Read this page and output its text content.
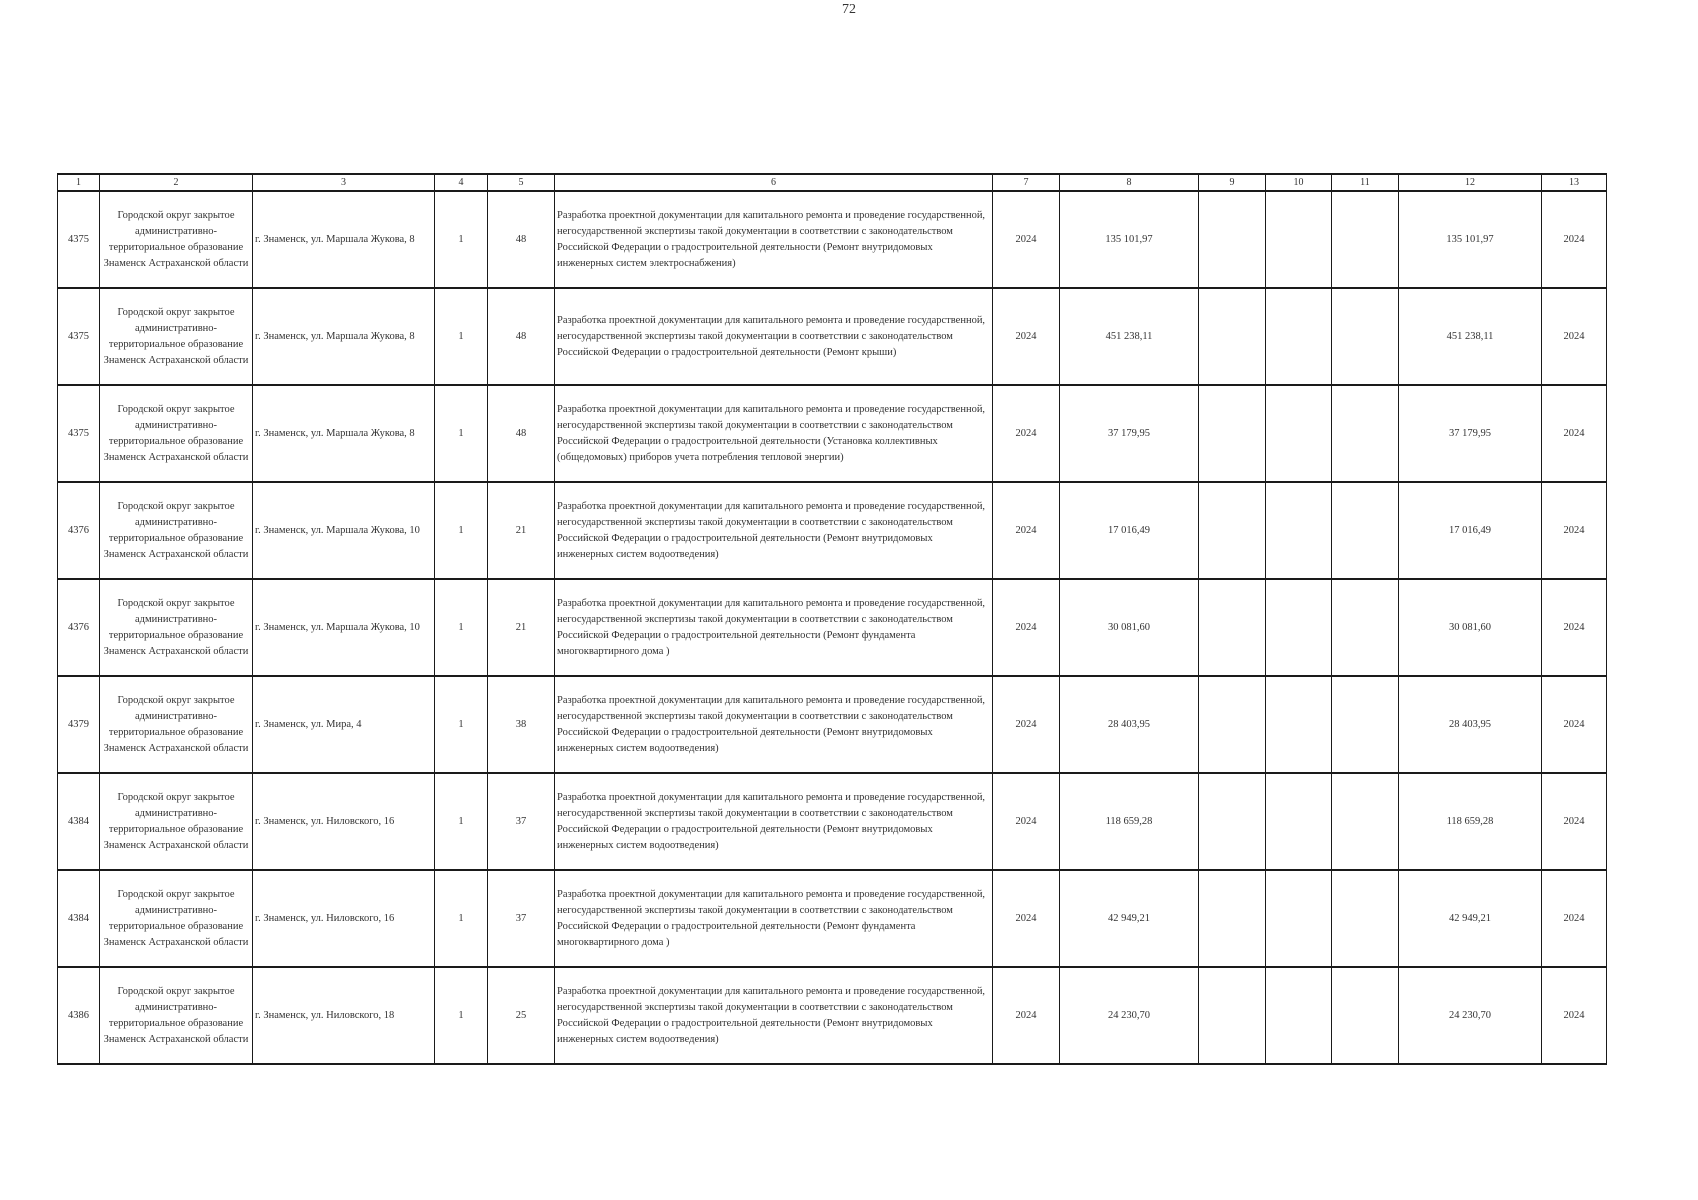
72
1	2	3	4	5	6	7	8	9	10	11	12	13
4375	Городской округ закрытое административно-территориальное образование Знаменск Астраханской области	г. Знаменск, ул. Маршала Жукова, 8	1	48	Разработка проектной документации для капитального ремонта и проведение государственной, негосударственной экспертизы такой документации в соответствии с законодательством Российской Федерации о градостроительной деятельности (Ремонт внутридомовых инженерных систем электроснабжения)	2024	135 101,97				135 101,97	2024
4375	Городской округ закрытое административно-территориальное образование Знаменск Астраханской области	г. Знаменск, ул. Маршала Жукова, 8	1	48	Разработка проектной документации для капитального ремонта и проведение государственной, негосударственной экспертизы такой документации в соответствии с законодательством Российской Федерации о градостроительной деятельности (Ремонт крыши)	2024	451 238,11				451 238,11	2024
4375	Городской округ закрытое административно-территориальное образование Знаменск Астраханской области	г. Знаменск, ул. Маршала Жукова, 8	1	48	Разработка проектной документации для капитального ремонта и проведение государственной, негосударственной экспертизы такой документации в соответствии с законодательством Российской Федерации о градостроительной деятельности (Установка коллективных (общедомовых) приборов учета потребления тепловой энергии)	2024	37 179,95				37 179,95	2024
4376	Городской округ закрытое административно-территориальное образование Знаменск Астраханской области	г. Знаменск, ул. Маршала Жукова, 10	1	21	Разработка проектной документации для капитального ремонта и проведение государственной, негосударственной экспертизы такой документации в соответствии с законодательством Российской Федерации о градостроительной деятельности (Ремонт внутридомовых инженерных систем водоотведения)	2024	17 016,49				17 016,49	2024
4376	Городской округ закрытое административно-территориальное образование Знаменск Астраханской области	г. Знаменск, ул. Маршала Жукова, 10	1	21	Разработка проектной документации для капитального ремонта и проведение государственной, негосударственной экспертизы такой документации в соответствии с законодательством Российской Федерации о градостроительной деятельности (Ремонт фундамента многоквартирного дома )	2024	30 081,60				30 081,60	2024
4379	Городской округ закрытое административно-территориальное образование Знаменск Астраханской области	г. Знаменск, ул. Мира, 4	1	38	Разработка проектной документации для капитального ремонта и проведение государственной, негосударственной экспертизы такой документации в соответствии с законодательством Российской Федерации о градостроительной деятельности (Ремонт внутридомовых инженерных систем водоотведения)	2024	28 403,95				28 403,95	2024
4384	Городской округ закрытое административно-территориальное образование Знаменск Астраханской области	г. Знаменск, ул. Ниловского, 16	1	37	Разработка проектной документации для капитального ремонта и проведение государственной, негосударственной экспертизы такой документации в соответствии с законодательством Российской Федерации о градостроительной деятельности (Ремонт внутридомовых инженерных систем водоотведения)	2024	118 659,28				118 659,28	2024
4384	Городской округ закрытое административно-территориальное образование Знаменск Астраханской области	г. Знаменск, ул. Ниловского, 16	1	37	Разработка проектной документации для капитального ремонта и проведение государственной, негосударственной экспертизы такой документации в соответствии с законодательством Российской Федерации о градостроительной деятельности (Ремонт фундамента многоквартирного дома )	2024	42 949,21				42 949,21	2024
4386	Городской округ закрытое административно-территориальное образование Знаменск Астраханской области	г. Знаменск, ул. Ниловского, 18	1	25	Разработка проектной документации для капитального ремонта и проведение государственной, негосударственной экспертизы такой документации в соответствии с законодательством Российской Федерации о градостроительной деятельности (Ремонт внутридомовых инженерных систем водоотведения)	2024	24 230,70				24 230,70	2024
